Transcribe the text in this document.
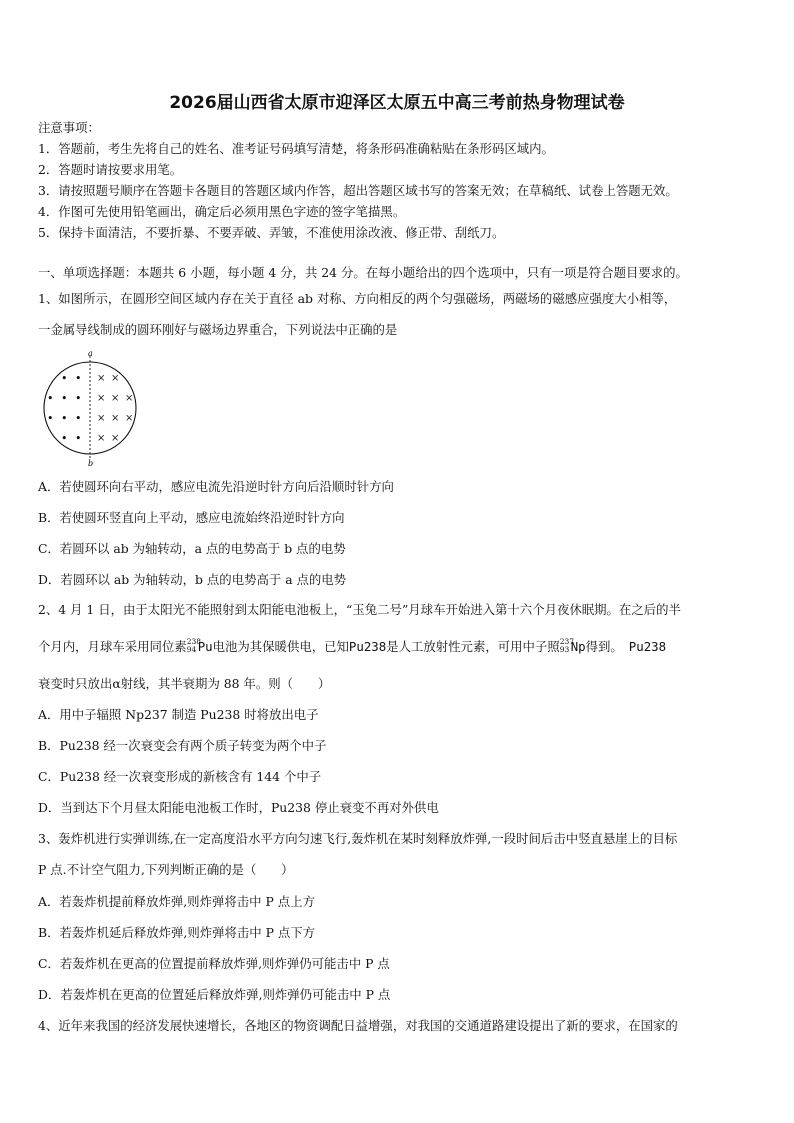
2026届山西省太原市迎泽区太原五中高三考前热身物理试卷
注意事项：
1．答题前，考生先将自己的姓名、准考证号码填写清楚，将条形码准确粘贴在条形码区域内。
2．答题时请按要求用笔。
3．请按照题号顺序在答题卡各题目的答题区域内作答，超出答题区域书写的答案无效；在草稿纸、试卷上答题无效。
4．作图可先使用铅笔画出，确定后必须用黑色字迹的签字笔描黑。
5．保持卡面清洁，不要折暴、不要弄破、弄皱，不准使用涂改液、修正带、刮纸刀。
一、单项选择题：本题共 6 小题，每小题 4 分，共 24 分。在每小题给出的四个选项中，只有一项是符合题目要求的。
1、如图所示，在圆形空间区域内存在关于直径 ab 对称、方向相反的两个匀强磁场，两磁场的磁感应强度大小相等，
一金属导线制成的圆环刚好与磁场边界重合，下列说法中正确的是
a
b
• •
• • •
• • •
• •
× ×
× × ×
× × ×
× ×
A．若使圆环向右平动，感应电流先沿逆时针方向后沿顺时针方向
B．若使圆环竖直向上平动，感应电流始终沿逆时针方向
C．若圆环以 ab 为轴转动，a 点的电势高于 b 点的电势
D．若圆环以 ab 为轴转动，b 点的电势高于 a 点的电势
2、4 月 1 日，由于太阳光不能照射到太阳能电池板上，“玉兔二号”月球车开始进入第十六个月夜休眠期。在之后的半
个月内，月球车采用同位素 238
94 Pu电池为其保暖供电，已知Pu238是人工放射性元素，可用中子照 237
93 Np得到。 Pu238
衰变时只放出α射线，其半衰期为 88 年。则（　　）
A．用中子辐照 Np237 制造 Pu238 时将放出电子
B．Pu238 经一次衰变会有两个质子转变为两个中子
C．Pu238 经一次衰变形成的新核含有 144 个中子
D．当到达下个月昼太阳能电池板工作时，Pu238 停止衰变不再对外供电
3、轰炸机进行实弹训练,在一定高度沿水平方向匀速飞行,轰炸机在某时刻释放炸弹,一段时间后击中竖直悬崖上的目标
P 点.不计空气阻力,下列判断正确的是（　　）
A．若轰炸机提前释放炸弹,则炸弹将击中 P 点上方
B．若轰炸机延后释放炸弹,则炸弹将击中 P 点下方
C．若轰炸机在更高的位置提前释放炸弹,则炸弹仍可能击中 P 点
D．若轰炸机在更高的位置延后释放炸弹,则炸弹仍可能击中 P 点
4、近年来我国的经济发展快速增长，各地区的物资调配日益增强，对我国的交通道路建设提出了新的要求，在国家的
